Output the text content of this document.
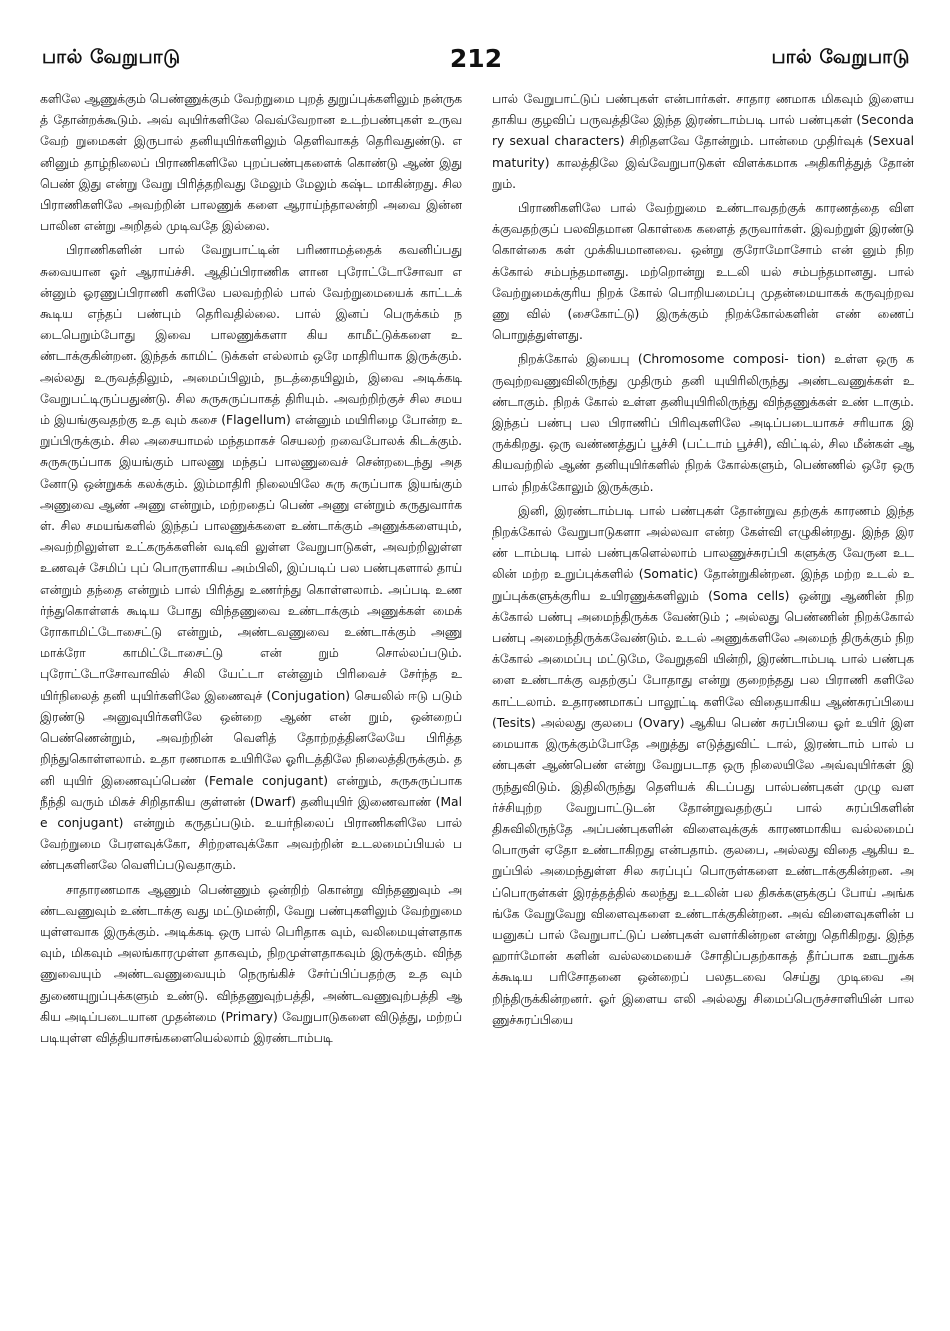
பால் வேறுபாடு	212	பால் வேறுபாடு

களிலே ஆணுக்கும் பெண்ணுக்கும் வேற்றுமை புறத் துறுப்புக்களிலும் நன்ருகத் தோன்றக்கூடும். அவ் வுயிர்களிலே வெவ்வேறான உடற்பண்புகள் உருவவேற் றுமைகள் இருபால் தனியுயிர்களிலும் தெளிவாகத் தெரிவதுண்டு. எனினும் தாழ்நிலைப் பிராணிகளிலே புறப்பண்புகளைக் கொண்டு ஆண் இது பெண் இது என்று வேறு பிரித்தறிவது மேலும் மேலும் கஷ்ட மாகின்றது. சில பிராணிகளிலே அவற்றின் பாலணுக் களை ஆராய்ந்தாலன்றி அவை இன்ன பாலின என்று அறிதல் முடிவதே இல்லை.

பிராணிகளின் பால் வேறுபாட்டின் பரிணாமத்தைக் கவனிப்பது சுவையான ஓர் ஆராய்ச்சி. ஆதிப்பிராணிக ளான புரோட்டோசோவா என்னும் ஓரணுப்பிராணி களிலே பலவற்றில் பால் வேற்றுமையைக் காட்டக் கூடிய எந்தப் பண்பும் தெரிவதில்லை. பால் இனப் பெருக்கம் நடைபெறும்போது இவை பாலணுக்களா கிய காமீட்டுக்களை உண்டாக்குகின்றன. இந்தக் காமிட் டுக்கள் எல்லாம் ஒரே மாதிரியாக இருக்கும். அல்லது உருவத்திலும், அமைப்பிலும், நடத்தையிலும், இவை அடிக்கடி வேறுபட்டிருப்பதுண்டு. சில சுருசுருப்பாகத் திரியும். அவற்றிற்குச் சில சமயம் இயங்குவதற்கு உத வும் கசை (Flagellum) என்னும் மயிரிழை போன்ற உறுப்பிருக்கும். சில அசையாமல் மந்தமாகச் செயலற் றவைபோலக் கிடக்கும். சுருசுருப்பாக இயங்கும் பாலணு மந்தப் பாலணுவைச் சென்றடைந்து அத னோடு ஒன்றுகக் கலக்கும். இம்மாதிரி நிலையிலே சுரு சுருப்பாக இயங்கும் அணுவை ஆண் அணு என்றும், மற்றதைப் பெண் அணு என்றும் கருதுவார்கள். சில சமயங்களில் இந்தப் பாலணுக்களை உண்டாக்கும் அணுக்களையும், அவற்றிலுள்ள உட்கருக்களின் வடிவி லுள்ள வேறுபாடுகள், அவற்றிலுள்ள உணவுச் சேமிப் புப் பொருளாகிய அம்பிலி, இப்படிப் பல பண்புகளால் தாய் என்றும் தந்தை என்றும் பால் பிரித்து உணர்ந்து கொள்ளலாம். அப்படி உணர்ந்துகொள்ளக் கூடிய போது விந்தணுவை உண்டாக்கும் அணுக்கள் மைக் ரோகாமிட்டோசைட்டு என்றும், அண்டவணுவை உண்டாக்கும் அணு மாக்ரோ காமிட்டோசைட்டு என் றும் சொல்லப்படும். புரோட்டோசோவாவில் சிலி யேட்டா என்னும் பிரிவைச் சேர்ந்த உயிர்நிலைத் தனி யுயிர்களிலே இணைவுச் (Conjugation) செயலில் ஈடு படும் இரண்டு அனுவுயிர்களிலே ஒன்றை ஆண் என் றும், ஒன்றைப் பெண்ணென்றும், அவற்றின் வெளித் தோற்றத்தினலேயே பிரித்தறிந்துகொள்ளலாம். உதா ரணமாக உயிரிலே ஓரிடத்திலே நிலைத்திருக்கும். தனி யுயிர் இணைவுப்பெண் (Female conjugant) என்றும், சுருசுருப்பாக நீந்தி வரும் மிகச் சிறிதாகிய குள்ளன் (Dwarf) தனியுயிர் இணைவாண் (Male conjugant) என்றும் கருதப்படும். உயர்நிலைப் பிராணிகளிலே பால் வேற்றுமை பேரளவுக்கோ, சிற்றளவுக்கோ அவற்றின் உடலமைப்பியல் பண்புகளினலே வெளிப்படுவதாகும்.

சாதாரணமாக ஆணும் பெண்ணும் ஒன்றிற் கொன்று விந்தணுவும் அண்டவணுவும் உண்டாக்கு வது மட்டுமன்றி, வேறு பண்புகளிலும் வேற்றுமை யுள்ளவாக இருக்கும். அடிக்கடி ஒரு பால் பெரிதாக வும், வலிமையுள்ளதாகவும், மிகவும் அலங்காரமுள்ள தாகவும், நிறமுள்ளதாகவும் இருக்கும். விந்தணுவையும் அண்டவணுவையும் நெருங்கிச் சேர்ப்பிப்பதற்கு உத வும் துணையுறுப்புக்களும் உண்டு. விந்தணுவுற்பத்தி, அண்டவணுவுற்பத்தி ஆகிய அடிப்படையான முதன்மை (Primary) வேறுபாடுகளை விடுத்து, மற்றப் படியுள்ள வித்தியாசங்களையெல்லாம் இரண்டாம்படி

பால் வேறுபாட்டுப் பண்புகள் என்பார்கள். சாதார ணமாக மிகவும் இளையதாகிய குழவிப் பருவத்திலே இந்த இரண்டாம்படி பால் பண்புகள் (Secondary sexual characters) சிறிதளவே தோன்றும். பான்மை முதிர்வுக் (Sexual maturity) காலத்திலே இவ்வேறுபாடுகள் விளக்கமாக அதிகரித்துத் தோன் றும்.

பிராணிகளிலே பால் வேற்றுமை உண்டாவதற்குக் காரணத்தை விளக்குவதற்குப் பலவிதமான கொள்கை களைத் தருவார்கள். இவற்றுள் இரண்டு கொள்கை கள் முக்கியமானவை. ஒன்று குரோமோசோம் என் னும் நிறக்கோல் சம்பந்தமானது. மற்றொன்று உடலி யல் சம்பந்தமானது. பால் வேற்றுமைக்குரிய நிறக் கோல் பொறியமைப்பு முதன்மையாகக் கருவுற்றவணு வில் (சைகோட்டு) இருக்கும் நிறக்கோல்களின் எண் ணைப் பொறுத்துள்ளது.

நிறக்கோல் இயைபு (Chromosome composi- tion) உள்ள ஒரு கருவுற்றவணுவிலிருந்து முதிரும் தனி யுயிரிலிருந்து அண்டவணுக்கள் உண்டாகும். நிறக் கோல் உள்ள தனியுயிரிலிருந்து விந்தணுக்கள் உண் டாகும். இந்தப் பண்பு பல பிராணிப் பிரிவுகளிலே அடிப்படையாகச் சரியாக இருக்கிறது. ஒரு வண்ணத்துப் பூச்சி (பட்டாம் பூச்சி), விட்டில், சில மீன்கள் ஆகியவற்றில் ஆண் தனியுயிர்களில் நிறக் கோல்களும், பெண்ணில் ஒரே ஒரு பால் நிறக்கோலும் இருக்கும்.

இனி, இரண்டாம்படி பால் பண்புகள் தோன்றுவ தற்குக் காரணம் இந்த நிறக்கோல் வேறுபாடுகளா அல்லவா என்ற கேள்வி எழுகின்றது. இந்த இரண் டாம்படி பால் பண்புகளெல்லாம் பாலணுச்சுரப்பி களுக்கு வேருன உடலின் மற்ற உறுப்புக்களில் (Somatic) தோன்றுகின்றன. இந்த மற்ற உடல் உறுப்புக்களுக்குரிய உயிரணுக்களிலும் (Soma cells) ஒன்று ஆணின் நிறக்கோல் பண்பு அமைந்திருக்க வேண்டும் ; அல்லது பெண்ணின் நிறக்கோல் பண்பு அமைந்திருக்கவேண்டும். உடல் அணுக்களிலே அமைந் திருக்கும் நிறக்கோல் அமைப்பு மட்டுமே, வேறுதவி யின்றி, இரண்டாம்படி பால் பண்புகளை உண்டாக்கு வதற்குப் போதாது என்று குறைந்தது பல பிராணி களிலே காட்டலாம். உதாரணமாகப் பாலூட்டி களிலே விதையாகிய ஆண்சுரப்பியை (Tesits) அல்லது குலபை (Ovary) ஆகிய பெண் சுரப்பியை ஓர் உயிர் இளமையாக இருக்கும்போதே அறுத்து எடுத்துவிட் டால், இரண்டாம் பால் பண்புகள் ஆண்பெண் என்று வேறுபடாத ஒரு நிலையிலே அவ்வுயிர்கள் இருந்துவிடும். இதிலிருந்து தெளியக் கிடப்பது பால்பண்புகள் முழு வளர்ச்சியுற்ற வேறுபாட்டுடன் தோன்றுவதற்குப் பால் சுரப்பிகளின் திசுவிலிருந்தே அப்பண்புகளின் விளைவுக்குக் காரணமாகிய வல்லமைப் பொருள் ஏதோ உண்டாகிறது என்பதாம். குலபை, அல்லது விதை ஆகிய உறுப்பில் அமைந்துள்ள சில சுரப்புப் பொருள்களை உண்டாக்குகின்றன. அப்பொருள்கள் இரத்தத்தில் கலந்து உடலின் பல திசுக்களுக்குப் போய் அங்கங்கே வேறுவேறு விளைவுகளை உண்டாக்குகின்றன. அவ் விளைவுகளின் பயனுகப் பால் வேறுபாட்டுப் பண்புகள் வளர்கின்றன என்று தெரிகிறது. இந்த ஹார்மோன் களின் வல்லமையைச் சோதிப்பதற்காகத் தீர்ப்பாக ஊடறுக்கக்கூடிய பரிசோதனை ஒன்றைப் பலதடவை செய்து முடிவை அறிந்திருக்கின்றனர். ஓர் இளைய எலி அல்லது சிமைப்பெருச்சாளியின் பாலணுச்சுரப்பியை
